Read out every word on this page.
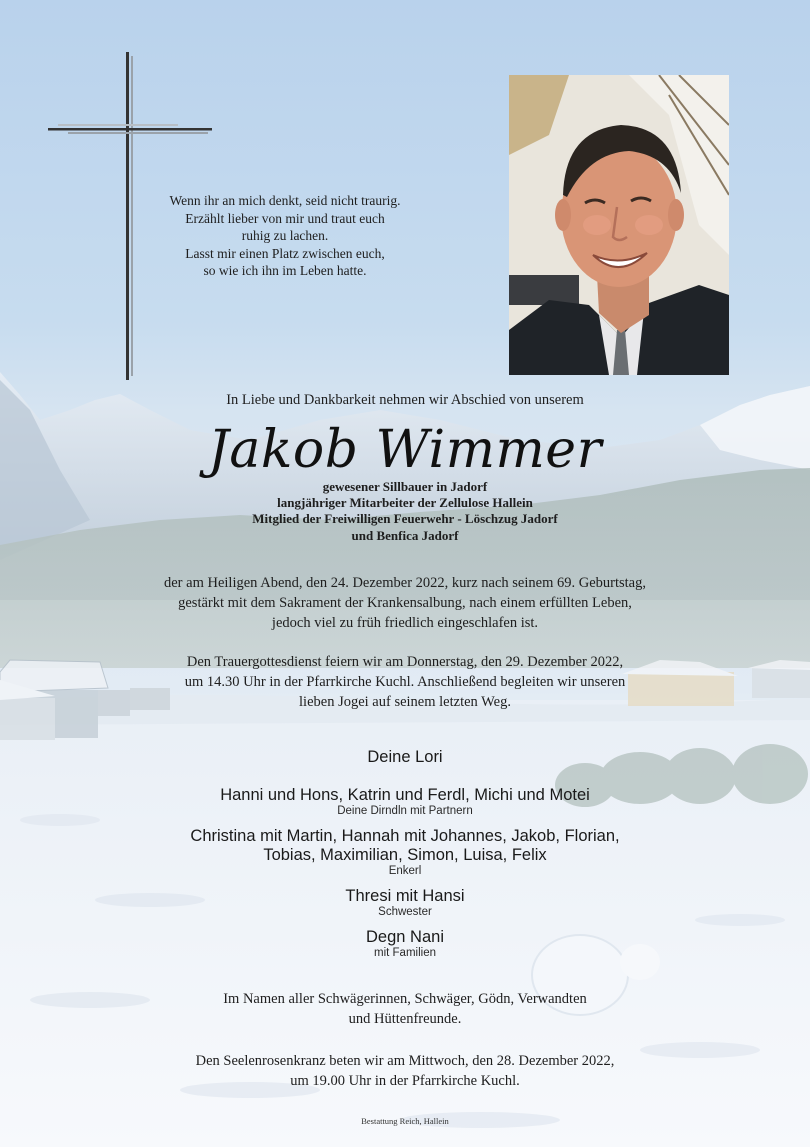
Wenn ihr an mich denkt, seid nicht traurig.
Erzählt lieber von mir und traut euch
ruhig zu lachen.
Lasst mir einen Platz zwischen euch,
so wie ich ihn im Leben hatte.
In Liebe und Dankbarkeit nehmen wir Abschied von unserem
Jakob Wimmer
gewesener Sillbauer in Jadorf
langjähriger Mitarbeiter der Zellulose Hallein
Mitglied der Freiwilligen Feuerwehr - Löschzug Jadorf
und Benfica Jadorf
der am Heiligen Abend, den 24. Dezember 2022, kurz nach seinem 69. Geburtstag,
gestärkt mit dem Sakrament der Krankensalbung, nach einem erfüllten Leben,
jedoch viel zu früh friedlich eingeschlafen ist.
Den Trauergottesdienst feiern wir am Donnerstag, den 29. Dezember 2022,
um 14.30 Uhr in der Pfarrkirche Kuchl. Anschließend begleiten wir unseren
lieben Jogei auf seinem letzten Weg.
Deine Lori
Hanni und Hons, Katrin und Ferdl, Michi und Motei
Deine Dirndln mit Partnern
Christina mit Martin, Hannah mit Johannes, Jakob, Florian,
Tobias, Maximilian, Simon, Luisa, Felix
Enkerl
Thresi mit Hansi
Schwester
Degn Nani
mit Familien
Im Namen aller Schwägerinnen, Schwäger, Gödn, Verwandten
und Hüttenfreunde.
Den Seelenrosenkranz beten wir am Mittwoch, den 28. Dezember 2022,
um 19.00 Uhr in der Pfarrkirche Kuchl.
Bestattung Reich, Hallein
